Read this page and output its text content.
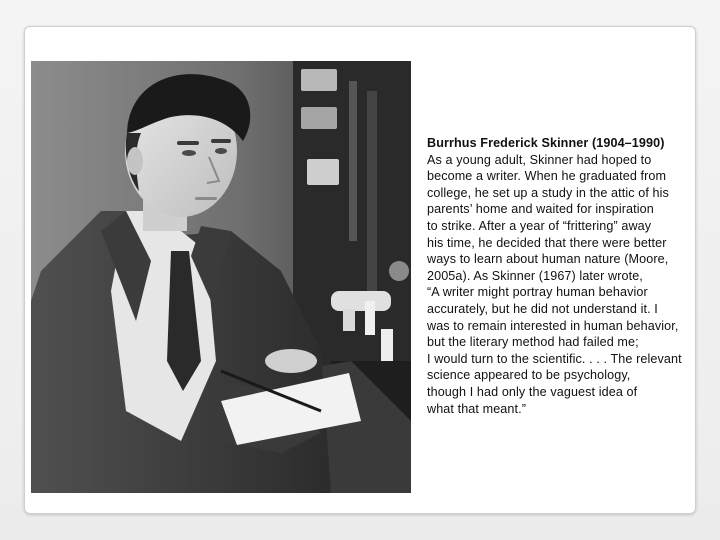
Burrhus Frederick Skinner (1904–1990)
As a young adult, Skinner had hoped to
become a writer. When he graduated from
college, he set up a study in the attic of his
parents’ home and waited for inspiration
to strike. After a year of “frittering” away
his time, he decided that there were better
ways to learn about human nature (Moore,
2005a). As Skinner (1967) later wrote,
“A writer might portray human behavior
accurately, but he did not understand it. I
was to remain interested in human behavior,
but the literary method had failed me;
I would turn to the scientific. . . . The relevant
science appeared to be psychology,
though I had only the vaguest idea of
what that meant.”
